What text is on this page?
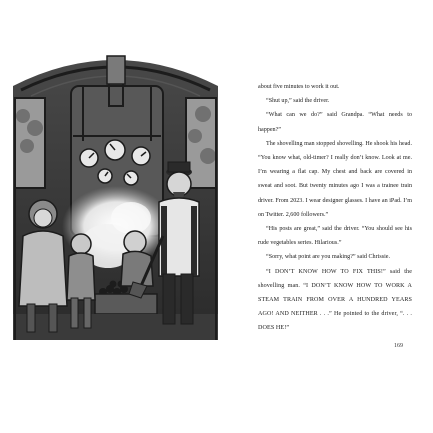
about five minutes to work it out.

“Shut up,” said the driver.

“What can we do?” said Grandpa. “What needs to happen?”

The shovelling man stopped shovelling. He shook his head. “You know what, old-timer? I really don’t know. Look at me. I’m wearing a flat cap. My chest and back are covered in sweat and soot. But twenty minutes ago I was a trainee train driver. From 2023. I wear designer glasses. I have an iPad. I’m on Twitter. 2,600 followers.”

“His posts are great,” said the driver. “You should see his rude vegetables series. Hilarious.”

“Sorry, what point are you making?” said Chrissie.

“I DON’T KNOW HOW TO FIX THIS!” said the shovelling man. “I DON’T KNOW HOW TO WORK A STEAM TRAIN FROM OVER A HUNDRED YEARS AGO! AND NEITHER . . .” He pointed to the driver, “. . . DOES HE!”

169
